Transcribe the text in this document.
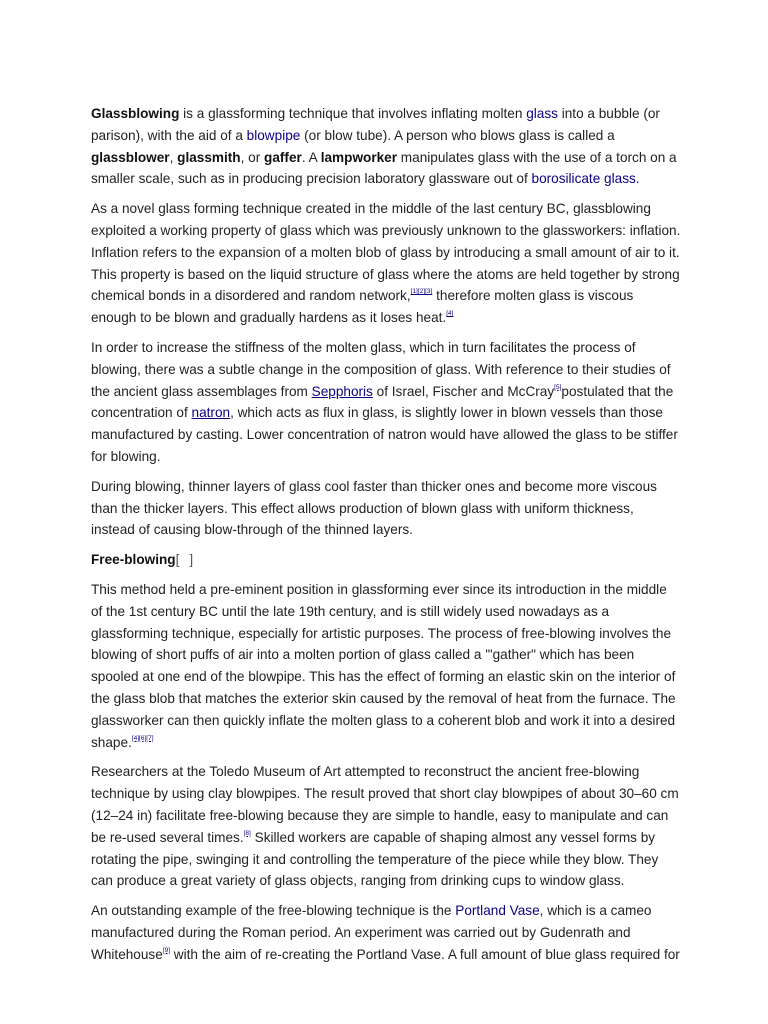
Glassblowing is a glassforming technique that involves inflating molten glass into a bubble (or parison), with the aid of a blowpipe (or blow tube). A person who blows glass is called a glassblower, glassmith, or gaffer. A lampworker manipulates glass with the use of a torch on a smaller scale, such as in producing precision laboratory glassware out of borosilicate glass.

As a novel glass forming technique created in the middle of the last century BC, glassblowing exploited a working property of glass which was previously unknown to the glassworkers: inflation. Inflation refers to the expansion of a molten blob of glass by introducing a small amount of air to it. This property is based on the liquid structure of glass where the atoms are held together by strong chemical bonds in a disordered and random network,[1][2][3] therefore molten glass is viscous enough to be blown and gradually hardens as it loses heat.[4]

In order to increase the stiffness of the molten glass, which in turn facilitates the process of blowing, there was a subtle change in the composition of glass. With reference to their studies of the ancient glass assemblages from Sepphoris of Israel, Fischer and McCray[5]postulated that the concentration of natron, which acts as flux in glass, is slightly lower in blown vessels than those manufactured by casting. Lower concentration of natron would have allowed the glass to be stiffer for blowing.

During blowing, thinner layers of glass cool faster than thicker ones and become more viscous than the thicker layers. This effect allows production of blown glass with uniform thickness, instead of causing blow-through of the thinned layers.

Free-blowing[ ]

This method held a pre-eminent position in glassforming ever since its introduction in the middle of the 1st century BC until the late 19th century, and is still widely used nowadays as a glassforming technique, especially for artistic purposes. The process of free-blowing involves the blowing of short puffs of air into a molten portion of glass called a '"gather" which has been spooled at one end of the blowpipe. This has the effect of forming an elastic skin on the interior of the glass blob that matches the exterior skin caused by the removal of heat from the furnace. The glassworker can then quickly inflate the molten glass to a coherent blob and work it into a desired shape.[4][6][7]

Researchers at the Toledo Museum of Art attempted to reconstruct the ancient free-blowing technique by using clay blowpipes. The result proved that short clay blowpipes of about 30–60 cm (12–24 in) facilitate free-blowing because they are simple to handle, easy to manipulate and can be re-used several times.[8] Skilled workers are capable of shaping almost any vessel forms by rotating the pipe, swinging it and controlling the temperature of the piece while they blow. They can produce a great variety of glass objects, ranging from drinking cups to window glass.

An outstanding example of the free-blowing technique is the Portland Vase, which is a cameo manufactured during the Roman period. An experiment was carried out by Gudenrath and Whitehouse[9] with the aim of re-creating the Portland Vase. A full amount of blue glass required for
